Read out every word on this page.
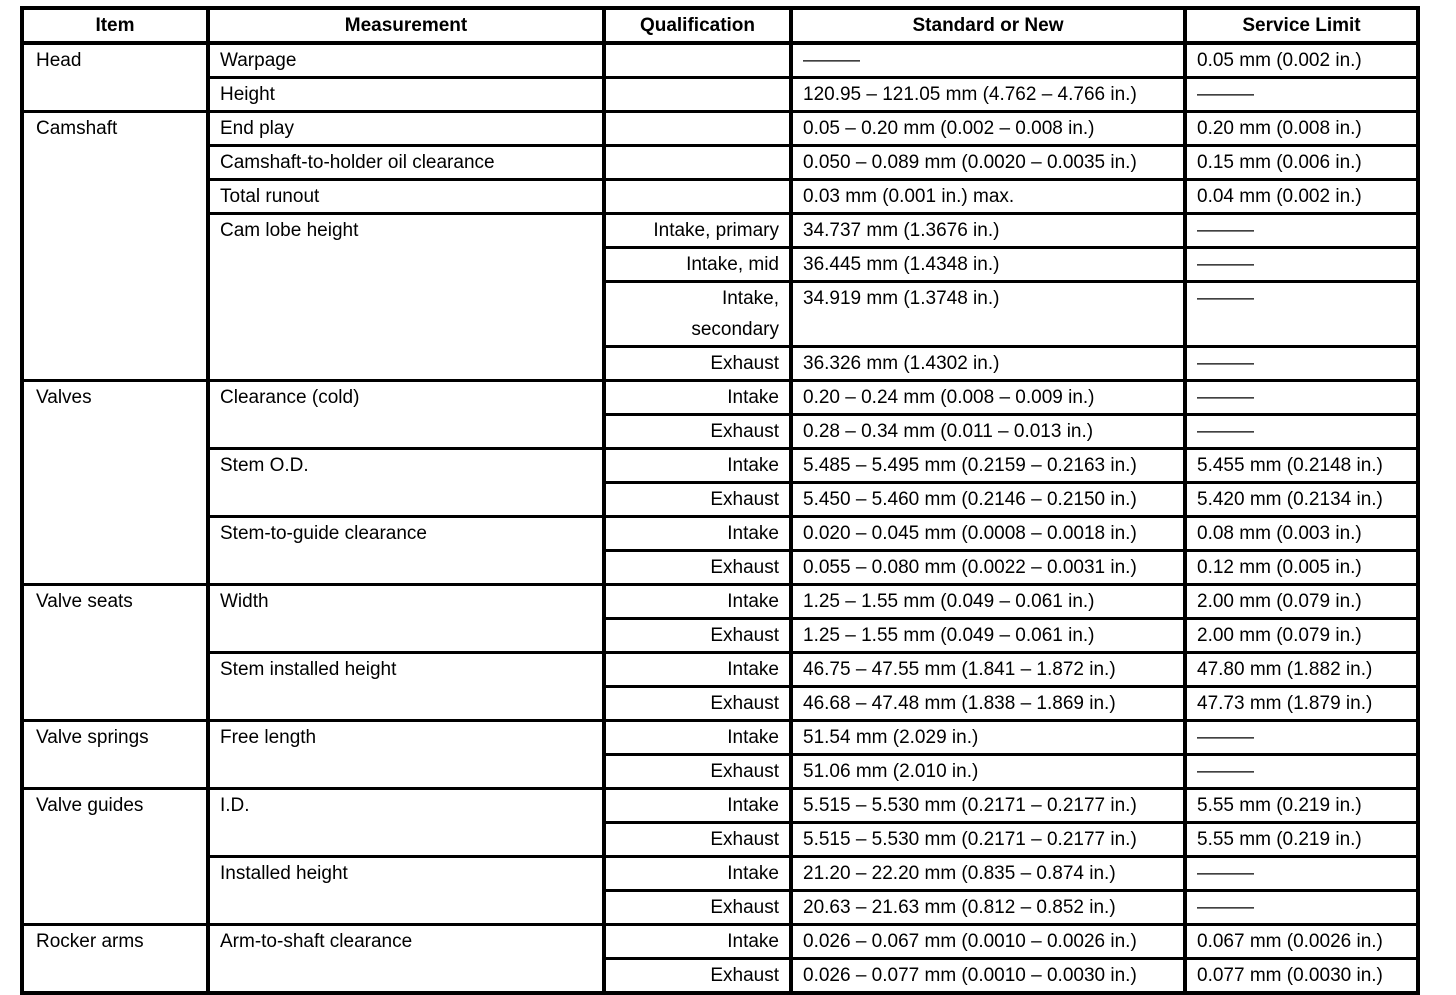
Item	Measurement	Qualification	Standard or New	Service Limit
Head	Warpage		———	0.05 mm (0.002 in.)
	Height		120.95 – 121.05 mm (4.762 – 4.766 in.)	———
Camshaft	End play		0.05 – 0.20 mm (0.002 – 0.008 in.)	0.20 mm (0.008 in.)
	Camshaft-to-holder oil clearance		0.050 – 0.089 mm (0.0020 – 0.0035 in.)	0.15 mm (0.006 in.)
	Total runout		0.03 mm (0.001 in.) max.	0.04 mm (0.002 in.)
	Cam lobe height	Intake, primary	34.737 mm (1.3676 in.)	———
		Intake, mid	36.445 mm (1.4348 in.)	———
		Intake, secondary	34.919 mm (1.3748 in.)	———
		Exhaust	36.326 mm (1.4302 in.)	———
Valves	Clearance (cold)	Intake	0.20 – 0.24 mm (0.008 – 0.009 in.)	———
		Exhaust	0.28 – 0.34 mm (0.011 – 0.013 in.)	———
	Stem O.D.	Intake	5.485 – 5.495 mm (0.2159 – 0.2163 in.)	5.455 mm (0.2148 in.)
		Exhaust	5.450 – 5.460 mm (0.2146 – 0.2150 in.)	5.420 mm (0.2134 in.)
	Stem-to-guide clearance	Intake	0.020 – 0.045 mm (0.0008 – 0.0018 in.)	0.08 mm (0.003 in.)
		Exhaust	0.055 – 0.080 mm (0.0022 – 0.0031 in.)	0.12 mm (0.005 in.)
Valve seats	Width	Intake	1.25 – 1.55 mm (0.049 – 0.061 in.)	2.00 mm (0.079 in.)
		Exhaust	1.25 – 1.55 mm (0.049 – 0.061 in.)	2.00 mm (0.079 in.)
	Stem installed height	Intake	46.75 – 47.55 mm (1.841 – 1.872 in.)	47.80 mm (1.882 in.)
		Exhaust	46.68 – 47.48 mm (1.838 – 1.869 in.)	47.73 mm (1.879 in.)
Valve springs	Free length	Intake	51.54 mm (2.029 in.)	———
		Exhaust	51.06 mm (2.010 in.)	———
Valve guides	I.D.	Intake	5.515 – 5.530 mm (0.2171 – 0.2177 in.)	5.55 mm (0.219 in.)
		Exhaust	5.515 – 5.530 mm (0.2171 – 0.2177 in.)	5.55 mm (0.219 in.)
	Installed height	Intake	21.20 – 22.20 mm (0.835 – 0.874 in.)	———
		Exhaust	20.63 – 21.63 mm (0.812 – 0.852 in.)	———
Rocker arms	Arm-to-shaft clearance	Intake	0.026 – 0.067 mm (0.0010 – 0.0026 in.)	0.067 mm (0.0026 in.)
		Exhaust	0.026 – 0.077 mm (0.0010 – 0.0030 in.)	0.077 mm (0.0030 in.)
